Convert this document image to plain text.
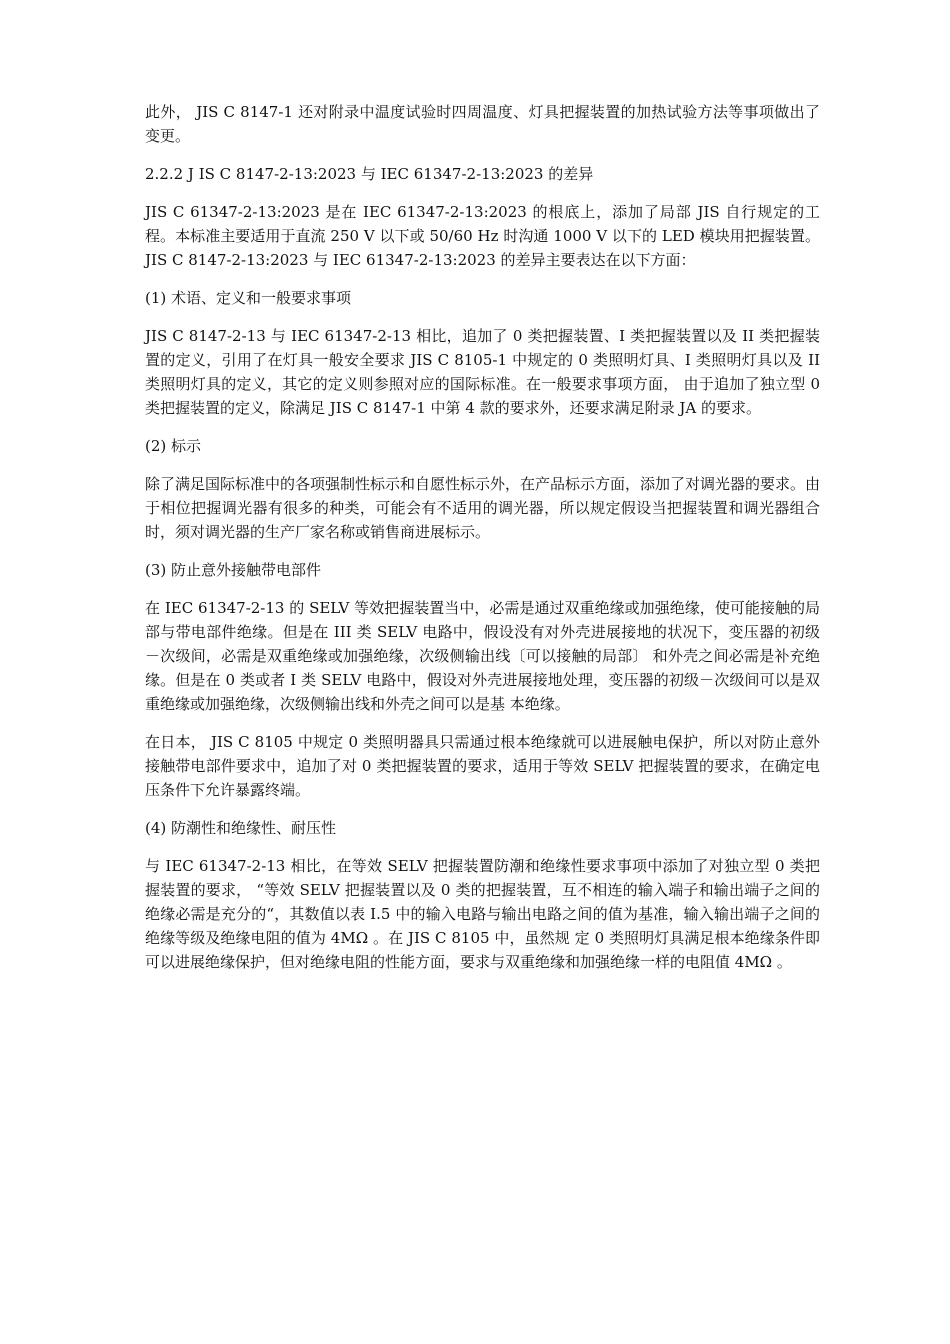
此外， JIS C 8147-1 还对附录中温度试验时四周温度、灯具把握装置的加热试验方法等事项做出了变更。

2.2.2 J IS C 8147-2-13:2023 与 IEC 61347-2-13:2023 的差异

JIS C 61347-2-13:2023 是在 IEC 61347-2-13:2023 的根底上，添加了局部 JIS 自行规定的工程。本标准主要适用于直流 250 V 以下或 50/60 Hz 时沟通 1000 V 以下的 LED 模块用把握装置。JIS C 8147-2-13:2023 与 IEC 61347-2-13:2023 的差异主要表达在以下方面：

(1) 术语、定义和一般要求事项

JIS C 8147-2-13 与 IEC 61347-2-13 相比，追加了 0 类把握装置、I 类把握装置以及 II 类把握装置的定义，引用了在灯具一般安全要求 JIS C 8105-1 中规定的 0 类照明灯具、I 类照明灯具以及 II 类照明灯具的定义，其它的定义则参照对应的国际标准。在一般要求事项方面， 由于追加了独立型 0 类把握装置的定义，除满足 JIS C 8147-1 中第 4 款的要求外，还要求满足附录 JA 的要求。

(2) 标示

除了满足国际标准中的各项强制性标示和自愿性标示外，在产品标示方面，添加了对调光器的要求。由于相位把握调光器有很多的种类，可能会有不适用的调光器，所以规定假设当把握装置和调光器组合时，须对调光器的生产厂家名称或销售商进展标示。

(3) 防止意外接触带电部件

在 IEC 61347-2-13 的 SELV 等效把握装置当中，必需是通过双重绝缘或加强绝缘，使可能接触的局部与带电部件绝缘。但是在 III 类 SELV 电路中，假设没有对外壳进展接地的状况下，变压器的初级－次级间，必需是双重绝缘或加强绝缘，次级侧输出线〔可以接触的局部〕 和外壳之间必需是补充绝缘。但是在 0 类或者 I 类 SELV 电路中，假设对外壳进展接地处理，变压器的初级－次级间可以是双重绝缘或加强绝缘，次级侧输出线和外壳之间可以是基 本绝缘。

在日本， JIS C 8105 中规定 0 类照明器具只需通过根本绝缘就可以进展触电保护，所以对防止意外接触带电部件要求中，追加了对 0 类把握装置的要求，适用于等效 SELV 把握装置的要求，在确定电压条件下允许暴露终端。

(4) 防潮性和绝缘性、耐压性

与 IEC 61347-2-13 相比，在等效 SELV 把握装置防潮和绝缘性要求事项中添加了对独立型 0 类把握装置的要求， “等效 SELV 把握装置以及 0 类的把握装置，互不相连的输入端子和输出端子之间的绝缘必需是充分的“，其数值以表 I.5 中的输入电路与输出电路之间的值为基准，输入输出端子之间的绝缘等级及绝缘电阻的值为 4MΩ 。在 JIS C 8105 中，虽然规 定 0 类照明灯具满足根本绝缘条件即可以进展绝缘保护，但对绝缘电阻的性能方面，要求与双重绝缘和加强绝缘一样的电阻值 4MΩ 。
